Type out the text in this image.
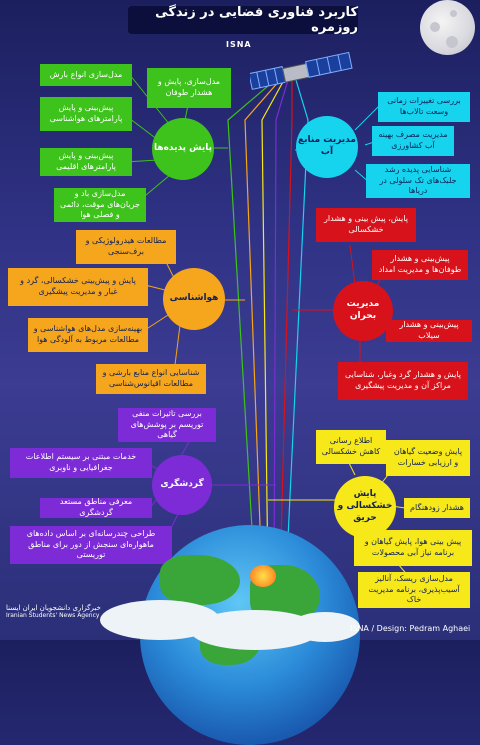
کاربرد فناوری فضایی در زندگی روزمره
ISNA
پایش پدیده‌ها
مدل‌سازی انواع بارش
مدل‌سازی، پایش و هشدار طوفان
پیش‌بینی و پایش‌ پارامترهای هواشناسی
پیش‌بینی و پایش پارامترهای اقلیمی
مدل‌سازی باد و جریان‌های موقت، دائمی و فصلی هوا
مدیریت منابع آب
بررسی تغییرات زمانی وسعت تالاب‌ها
مدیریت مصرف بهینه آب کشاورزی
شناسایی پدیده رشد جلبک‌های تک سلولی در دریاها
هواشناسی
مطالعات هیدرولوژیکی و برف‌سنجی
پایش و پیش‌بینی خشکسالی، گرد و غبار و مدیریت پیشگیری
بهینه‌سازی مدل‌های هواشناسی و مطالعات مربوط به آلودگی هوا
شناسایی انواع منابع بارشی و مطالعات اقیانوس‌شناسی
مدیریت بحران
پایش، پیش بینی و هشدار خشکسالی
پیش‌بینی و هشدار طوفان‌ها و مدیریت امداد
پیش‌بینی و هشدار سیلاب
پایش و هشدار گرد وغبار، شناسایی مراکز آن و مدیریت پیشگیری
گردشگری
بررسی تاثیرات منفی توریسم بر پوشش‌های گیاهی
خدمات مبتنی بر سیستم اطلاعات جغرافیایی و ناوبری
معرفی مناطق مستعد گردشگری
طراحی چندرسانه‌ای بر اساس داده‌های ماهواره‌ای سنجش از دور برای مناطق توریستی
پایش خشکسالی و حریق
اطلاع رسانی کاهش خشکسالی	پایش وضعیت گیاهان و ارزیابی خسارات
هشدار زودهنگام
پیش بینی هوا، پایش گیاهان و برنامه نیاز آبی محصولات
مدل‌سازی ریسک، آنالیز آسیب‌پذیری، برنامه مدیریت خاک
خبرگزاری دانشجویان ایران ایسنا
Iranian Students' News Agency
ISNA / Design: Pedram Aghaei
